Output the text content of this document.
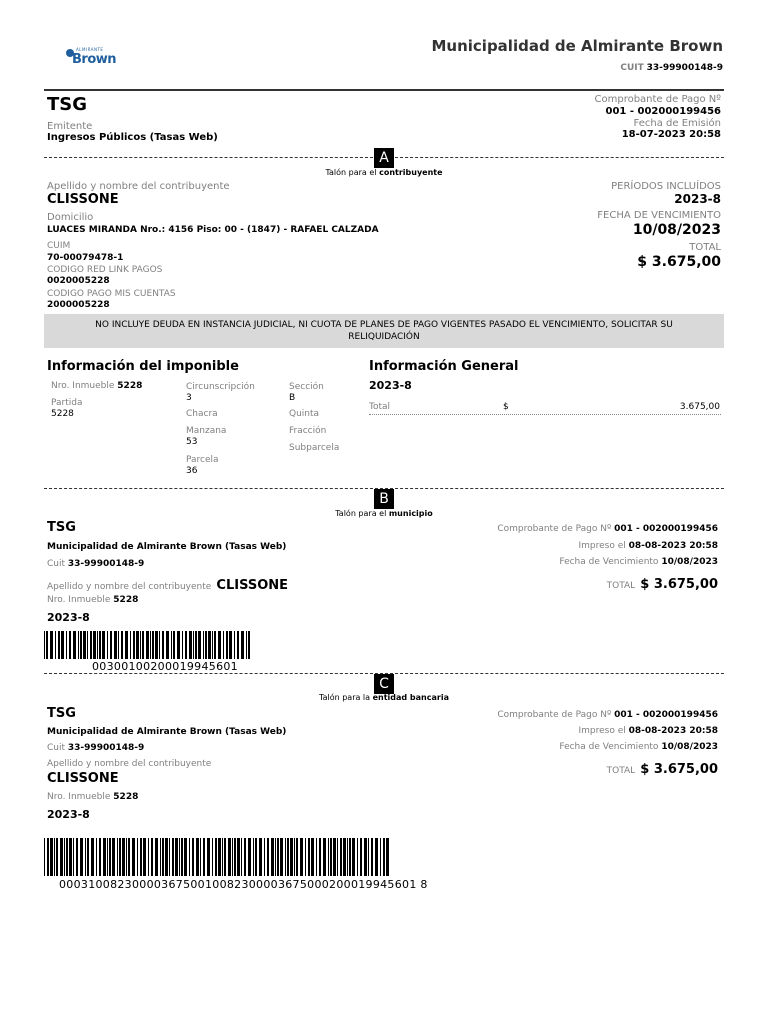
ALMIRANTE
Brown
Municipalidad de Almirante Brown
CUIT 33-99900148-9
TSG
Emitente
Ingresos Públicos (Tasas Web)
Comprobante de Pago Nº
001 - 002000199456
Fecha de Emisión
18-07-2023 20:58
A
Talón para el contribuyente
Apellido y nombre del contribuyente
CLISSONE
Domicilio
LUACES MIRANDA Nro.: 4156 Piso: 00 - (1847) - RAFAEL CALZADA
CUIM
70-00079478-1
CODIGO RED LINK PAGOS
0020005228
CODIGO PAGO MIS CUENTAS
2000005228
PERÍODOS INCLUÍDOS
2023-8
FECHA DE VENCIMIENTO
10/08/2023
TOTAL
$ 3.675,00
NO INCLUYE DEUDA EN INSTANCIA JUDICIAL, NI CUOTA DE PLANES DE PAGO VIGENTES PASADO EL VENCIMIENTO, SOLICITAR SU RELIQUIDACIÓN
Información del imponible
Nro. Inmueble 5228
Partida
5228
Circunscripción
3
Chacra
Manzana
53
Parcela
36
Sección
B
Quinta
Fracción
Subparcela
Información General
2023-8
Total	$	3.675,00
B
Talón para el municipio
TSG
Municipalidad de Almirante Brown (Tasas Web)
Cuit 33-99900148-9
Apellido y nombre del contribuyente CLISSONE
Nro. Inmueble 5228
2023-8
Comprobante de Pago Nº 001 - 002000199456
Impreso el 08-08-2023 20:58
Fecha de Vencimiento 10/08/2023
TOTAL $ 3.675,00
00300100200019945601
C
Talón para la entidad bancaria
TSG
Municipalidad de Almirante Brown (Tasas Web)
Cuit 33-99900148-9
Apellido y nombre del contribuyente
CLISSONE
Nro. Inmueble 5228
2023-8
Comprobante de Pago Nº 001 - 002000199456
Impreso el 08-08-2023 20:58
Fecha de Vencimiento 10/08/2023
TOTAL $ 3.675,00
0003100823000036750010082300003675000200019945601 8
